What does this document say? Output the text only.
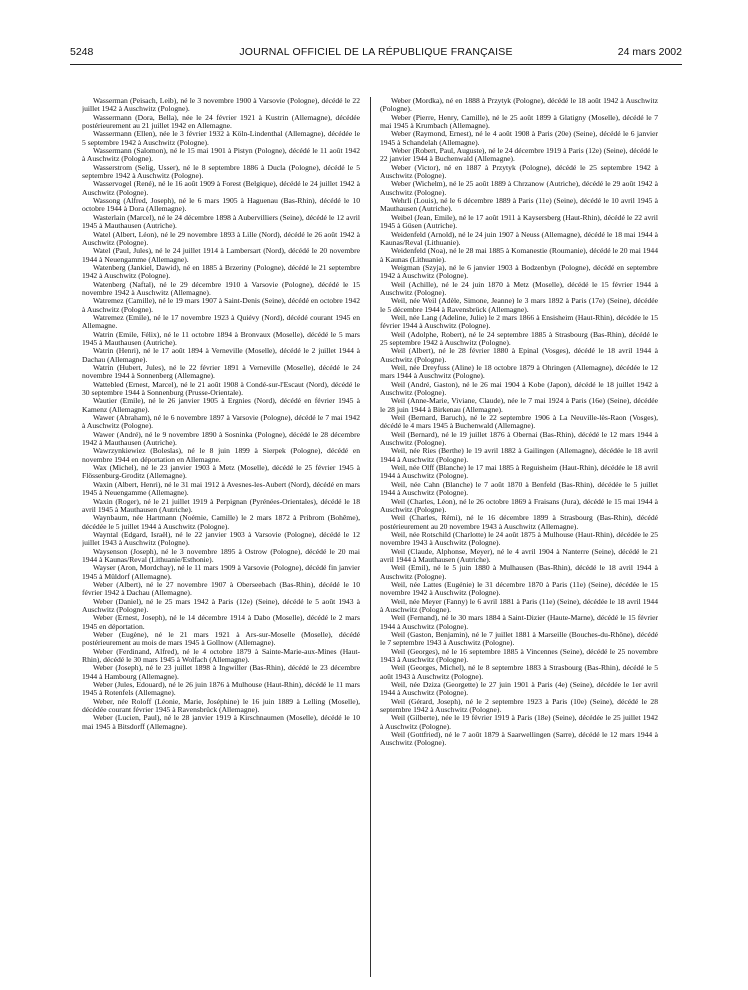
5248	JOURNAL OFFICIEL DE LA RÉPUBLIQUE FRANÇAISE	24 mars 2002

Wasserman (Peisach, Leib), né le 3 novembre 1900 à Varsovie (Pologne), décédé le 22 juillet 1942 à Auschwitz (Pologne).

Wassermann (Dora, Bella), née le 24 février 1921 à Kustrin (Allemagne), décédée postérieurement au 21 juillet 1942 en Allemagne.

Wassermann (Ellen), née le 3 février 1932 à Köln-Lindenthal (Allemagne), décédée le 5 septembre 1942 à Auschwitz (Pologne).

Wassermann (Salomon), né le 15 mai 1901 à Pistyn (Pologne), décédé le 11 août 1942 à Auschwitz (Pologne).

Wasserstrom (Selig, Usser), né le 8 septembre 1886 à Ducla (Pologne), décédé le 5 septembre 1942 à Auschwitz (Pologne).

Wasservogel (René), né le 16 août 1909 à Forest (Belgique), décédé le 24 juillet 1942 à Auschwitz (Pologne).

Wassong (Alfred, Joseph), né le 6 mars 1905 à Haguenau (Bas-Rhin), décédé le 10 octobre 1944 à Dora (Allemagne).

Wasterlain (Marcel), né le 24 décembre 1898 à Aubervilliers (Seine), décédé le 12 avril 1945 à Mauthausen (Autriche).

Watel (Albert, Léon), né le 29 novembre 1893 à Lille (Nord), décédé le 26 août 1942 à Auschwitz (Pologne).

Watel (Paul, Jules), né le 24 juillet 1914 à Lambersart (Nord), décédé le 20 novembre 1944 à Neuengamme (Allemagne).

Watenberg (Jankiel, Dawid), né en 1885 à Brzeriny (Pologne), décédé le 21 septembre 1942 à Auschwitz (Pologne).

Watenberg (Naftal), né le 29 décembre 1910 à Varsovie (Pologne), décédé le 15 novembre 1942 à Auschwitz (Allemagne).

Watremez (Camille), né le 19 mars 1907 à Saint-Denis (Seine), décédé en octobre 1942 à Auschwitz (Pologne).

Watremez (Emile), né le 17 novembre 1923 à Quiévy (Nord), décédé courant 1945 en Allemagne.

Watrin (Emile, Félix), né le 11 octobre 1894 à Bronvaux (Moselle), décédé le 5 mars 1945 à Mauthausen (Autriche).

Watrin (Henri), né le 17 août 1894 à Verneville (Moselle), décédé le 2 juillet 1944 à Dachau (Allemagne).

Watrin (Hubert, Jules), né le 22 février 1891 à Verneville (Moselle), décédé le 24 novembre 1944 à Sonnenberg (Allemagne).

Wattebled (Ernest, Marcel), né le 21 août 1908 à Condé-sur-l'Escaut (Nord), décédé le 30 septembre 1944 à Sonnenburg (Prusse-Orientale).

Wautier (Emile), né le 26 janvier 1905 à Ergnies (Nord), décédé en février 1945 à Kamenz (Allemagne).

Wawer (Abraham), né le 6 novembre 1897 à Varsovie (Pologne), décédé le 7 mai 1942 à Auschwitz (Pologne).

Wawer (André), né le 9 novembre 1890 à Sosninka (Pologne), décédé le 28 décembre 1942 à Mauthausen (Autriche).

Wawrzynkiewiez (Boleslas), né le 8 juin 1899 à Sierpek (Pologne), décédé en novembre 1944 en déportation en Allemagne.

Wax (Michel), né le 23 janvier 1903 à Metz (Moselle), décédé le 25 février 1945 à Flössenburg-Groditz (Allemagne).

Waxin (Albert, Henri), né le 31 mai 1912 à Avesnes-les-Aubert (Nord), décédé en mars 1945 à Neuengamme (Allemagne).

Waxin (Roger), né le 21 juillet 1919 à Perpignan (Pyrénées-Orientales), décédé le 18 avril 1945 à Mauthausen (Autriche).

Waynbaum, née Hartmann (Noémie, Camille) le 2 mars 1872 à Pribrom (Bohême), décédée le 5 juillet 1944 à Auschwitz (Pologne).

Wayntal (Edgard, Israël), né le 22 janvier 1903 à Varsovie (Pologne), décédé le 12 juillet 1943 à Auschwitz (Pologne).

Waysenson (Joseph), né le 3 novembre 1895 à Ostrow (Pologne), décédé le 20 mai 1944 à Kaunas/Reval (Lithuanie/Esthonie).

Wayser (Aron, Mordchay), né le 11 mars 1909 à Varsovie (Pologne), décédé fin janvier 1945 à Müldorf (Allemagne).

Weber (Albert), né le 27 novembre 1907 à Oberseebach (Bas-Rhin), décédé le 10 février 1942 à Dachau (Allemagne).

Weber (Daniel), né le 25 mars 1942 à Paris (12e) (Seine), décédé le 5 août 1943 à Auschwitz (Pologne).

Weber (Ernest, Joseph), né le 14 décembre 1914 à Dabo (Moselle), décédé le 2 mars 1945 en déportation.

Weber (Eugène), né le 21 mars 1921 à Ars-sur-Moselle (Moselle), décédé postérieurement au mois de mars 1945 à Gollnow (Allemagne).

Weber (Ferdinand, Alfred), né le 4 octobre 1879 à Sainte-Marie-aux-Mines (Haut-Rhin), décédé le 30 mars 1945 à Wolfach (Allemagne).

Weber (Joseph), né le 23 juillet 1898 à Ingwiller (Bas-Rhin), décédé le 23 décembre 1944 à Hambourg (Allemagne).

Weber (Jules, Edouard), né le 26 juin 1876 à Mulhouse (Haut-Rhin), décédé le 11 mars 1945 à Rotenfels (Allemagne).

Weber, née Roloff (Léonie, Marie, Joséphine) le 16 juin 1889 à Lelling (Moselle), décédée courant février 1945 à Ravensbrück (Allemagne).

Weber (Lucien, Paul), né le 28 janvier 1919 à Kirschnaumen (Moselle), décédé le 10 mai 1945 à Bitsdorff (Allemagne).

Weber (Mordka), né en 1888 à Przytyk (Pologne), décédé le 18 août 1942 à Auschwitz (Pologne).

Weber (Pierre, Henry, Camille), né le 25 août 1899 à Glatigny (Moselle), décédé le 7 mai 1945 à Krumbach (Allemagne).

Weber (Raymond, Ernest), né le 4 août 1908 à Paris (20e) (Seine), décédé le 6 janvier 1945 à Schandelah (Allemagne).

Weber (Robert, Paul, Auguste), né le 24 décembre 1919 à Paris (12e) (Seine), décédé le 22 janvier 1944 à Buchenwald (Allemagne).

Weber (Victor), né en 1887 à Przytyk (Pologne), décédé le 25 septembre 1942 à Auschwitz (Pologne).

Weber (Wichelm), né le 25 août 1889 à Chrzanow (Autriche), décédé le 29 août 1942 à Auschwitz (Pologne).

Wehrli (Louis), né le 6 décembre 1889 à Paris (11e) (Seine), décédé le 10 avril 1945 à Mauthausen (Autriche).

Weibel (Jean, Emile), né le 17 août 1911 à Kaysersberg (Haut-Rhin), décédé le 22 avril 1945 à Güsen (Autriche).

Weidenfeld (Arnold), né le 24 juin 1907 à Neuss (Allemagne), décédé le 18 mai 1944 à Kaunas/Reval (Lithuanie).

Weidenfeld (Noa), né le 28 mai 1885 à Komanestie (Roumanie), décédé le 20 mai 1944 à Kaunas (Lithuanie).

Weigman (Szyja), né le 6 janvier 1903 à Bodzenbyn (Pologne), décédé en septembre 1942 à Auschwitz (Pologne).

Weil (Achille), né le 24 juin 1870 à Metz (Moselle), décédé le 15 février 1944 à Auschwitz (Pologne).

Weil, née Weil (Adèle, Simone, Jeanne) le 3 mars 1892 à Paris (17e) (Seine), décédée le 5 décembre 1944 à Ravensbrück (Allemagne).

Weil, née Lang (Adeline, Julie) le 2 mars 1866 à Ensisheim (Haut-Rhin), décédée le 15 février 1944 à Auschwitz (Pologne).

Weil (Adolphe, Robert), né le 24 septembre 1885 à Strasbourg (Bas-Rhin), décédé le 25 septembre 1942 à Auschwitz (Pologne).

Weil (Albert), né le 28 février 1880 à Epinal (Vosges), décédé le 18 avril 1944 à Auschwitz (Pologne).

Weil, née Dreyfuss (Aline) le 18 octobre 1879 à Ohringen (Allemagne), décédée le 12 mars 1944 à Auschwitz (Pologne).

Weil (André, Gaston), né le 26 mai 1904 à Kobe (Japon), décédé le 18 juillet 1942 à Auschwitz (Pologne).

Weil (Anne-Marie, Viviane, Claude), née le 7 mai 1924 à Paris (16e) (Seine), décédée le 28 juin 1944 à Birkenau (Allemagne).

Weil (Bernard, Baruch), né le 22 septembre 1906 à La Neuville-lès-Raon (Vosges), décédé le 4 mars 1945 à Buchenwald (Allemagne).

Weil (Bernard), né le 19 juillet 1876 à Obernai (Bas-Rhin), décédé le 12 mars 1944 à Auschwitz (Pologne).

Weil, née Ries (Berthe) le 19 avril 1882 à Gailingen (Allemagne), décédée le 18 avril 1944 à Auschwitz (Pologne).

Weil, née Olff (Blanche) le 17 mai 1885 à Reguisheim (Haut-Rhin), décédée le 18 avril 1944 à Auschwitz (Pologne).

Weil, née Cahn (Blanche) le 7 août 1870 à Benfeld (Bas-Rhin), décédée le 5 juillet 1944 à Auschwitz (Pologne).

Weil (Charles, Léon), né le 26 octobre 1869 à Fraisans (Jura), décédé le 15 mai 1944 à Auschwitz (Pologne).

Weil (Charles, Rémi), né le 16 décembre 1899 à Strasbourg (Bas-Rhin), décédé postérieurement au 20 novembre 1943 à Auschwitz (Allemagne).

Weil, née Rotschild (Charlotte) le 24 août 1875 à Mulhouse (Haut-Rhin), décédée le 25 novembre 1943 à Auschwitz (Pologne).

Weil (Claude, Alphonse, Meyer), né le 4 avril 1904 à Nanterre (Seine), décédé le 21 avril 1944 à Mauthausen (Autriche).

Weil (Emil), né le 5 juin 1880 à Mulhausen (Bas-Rhin), décédé le 18 avril 1944 à Auschwitz (Pologne).

Weil, née Lattes (Eugénie) le 31 décembre 1870 à Paris (11e) (Seine), décédée le 15 novembre 1942 à Auschwitz (Pologne).

Weil, née Meyer (Fanny) le 6 avril 1881 à Paris (11e) (Seine), décédée le 18 avril 1944 à Auschwitz (Pologne).

Weil (Fernand), né le 30 mars 1884 à Saint-Dizier (Haute-Marne), décédé le 15 février 1944 à Auschwitz (Pologne).

Weil (Gaston, Benjamin), né le 7 juillet 1881 à Marseille (Bouches-du-Rhône), décédé le 7 septembre 1943 à Auschwitz (Pologne).

Weil (Georges), né le 16 septembre 1885 à Vincennes (Seine), décédé le 25 novembre 1943 à Auschwitz (Pologne).

Weil (Georges, Michel), né le 8 septembre 1883 à Strasbourg (Bas-Rhin), décédé le 5 août 1943 à Auschwitz (Pologne).

Weil, née Dziza (Georgette) le 27 juin 1901 à Paris (4e) (Seine), décédée le 1er avril 1944 à Auschwitz (Pologne).

Weil (Gérard, Joseph), né le 2 septembre 1923 à Paris (10e) (Seine), décédé le 28 septembre 1942 à Auschwitz (Pologne).

Weil (Gilberte), née le 19 février 1919 à Paris (18e) (Seine), décédée le 25 juillet 1942 à Auschwitz (Pologne).

Weil (Gottfried), né le 7 août 1879 à Saarwellingen (Sarre), décédé le 12 mars 1944 à Auschwitz (Pologne).
